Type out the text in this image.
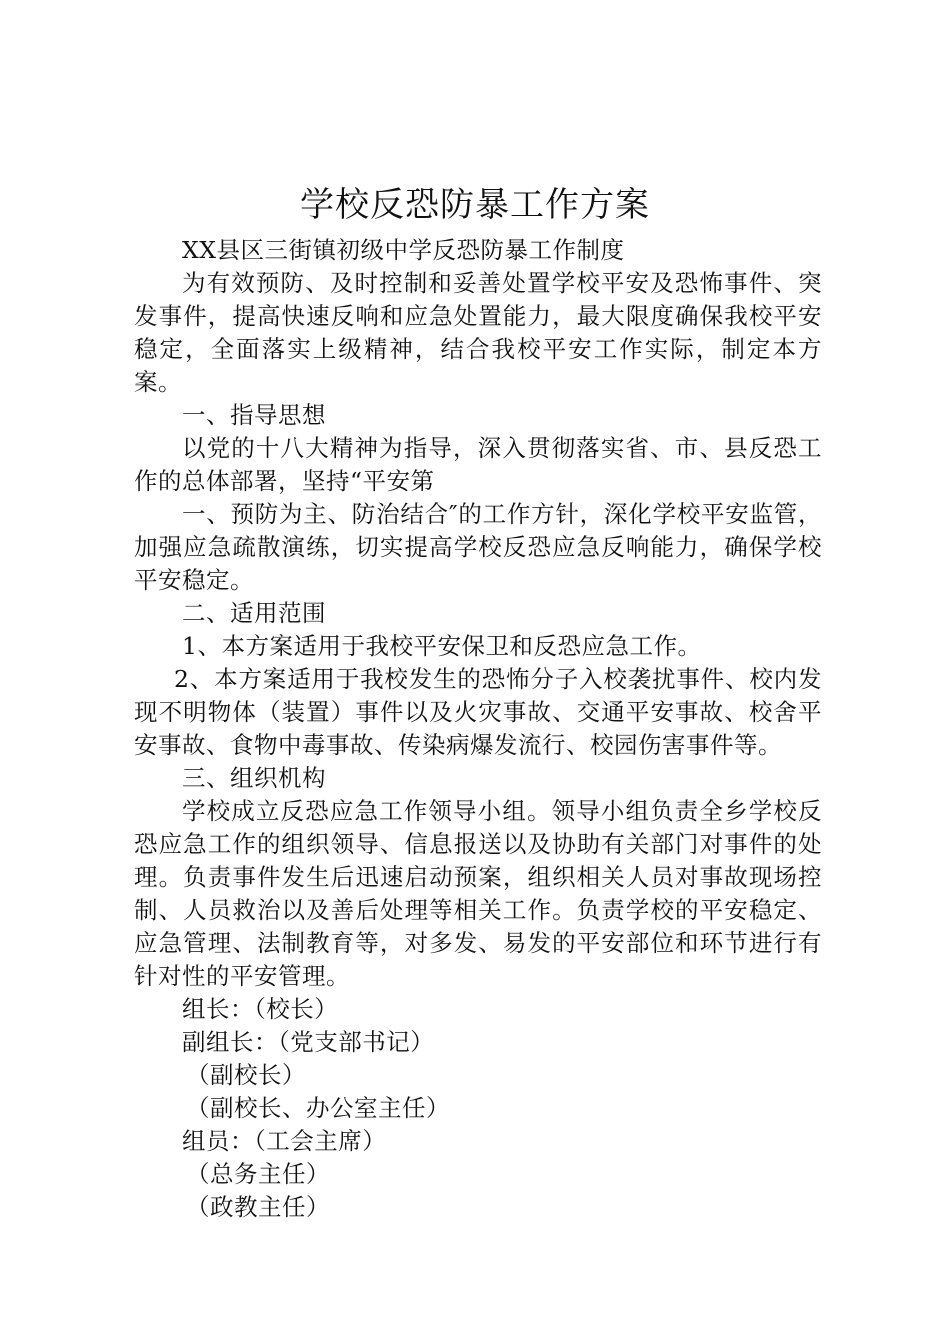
学校反恐防暴工作方案

XX县区三街镇初级中学反恐防暴工作制度

为有效预防、及时控制和妥善处置学校平安及恐怖事件、突发事件，提高快速反响和应急处置能力，最大限度确保我校平安稳定，全面落实上级精神，结合我校平安工作实际，制定本方案。

一、指导思想

以党的十八大精神为指导，深入贯彻落实省、市、县反恐工作的总体部署，坚持“平安第

一、预防为主、防治结合″的工作方针，深化学校平安监管，加强应急疏散演练，切实提高学校反恐应急反响能力，确保学校平安稳定。

二、适用范围

1、本方案适用于我校平安保卫和反恐应急工作。

2、本方案适用于我校发生的恐怖分子入校袭扰事件、校内发现不明物体（装置）事件以及火灾事故、交通平安事故、校舍平安事故、食物中毒事故、传染病爆发流行、校园伤害事件等。

三、组织机构

学校成立反恐应急工作领导小组。领导小组负责全乡学校反恐应急工作的组织领导、信息报送以及协助有关部门对事件的处理。负责事件发生后迅速启动预案，组织相关人员对事故现场控制、人员救治以及善后处理等相关工作。负责学校的平安稳定、应急管理、法制教育等，对多发、易发的平安部位和环节进行有针对性的平安管理。

组长：（校长）

副组长：（党支部书记）

（副校长）

（副校长、办公室主任）

组员：（工会主席）

（总务主任）

（政教主任）
